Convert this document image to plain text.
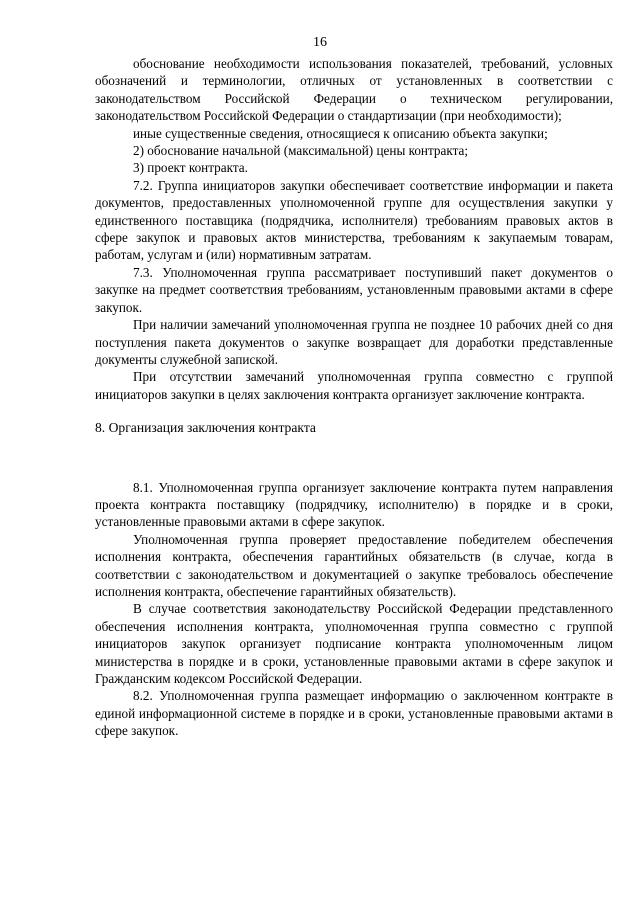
16

обоснование необходимости использования показателей, требований, условных обозначений и терминологии, отличных от установленных в соответствии с законодательством Российской Федерации о техническом регулировании, законодательством Российской Федерации о стандартизации (при необходимости);

иные существенные сведения, относящиеся к описанию объекта закупки;

2) обоснование начальной (максимальной) цены контракта;

3) проект контракта.

7.2. Группа инициаторов закупки обеспечивает соответствие информации и пакета документов, предоставленных уполномоченной группе для осуществления закупки у единственного поставщика (подрядчика, исполнителя) требованиям правовых актов в сфере закупок и правовых актов министерства, требованиям к закупаемым товарам, работам, услугам и (или) нормативным затратам.

7.3. Уполномоченная группа рассматривает поступивший пакет документов о закупке на предмет соответствия требованиям, установленным правовыми актами в сфере закупок.

При наличии замечаний уполномоченная группа не позднее 10 рабочих дней со дня поступления пакета документов о закупке возвращает для доработки представленные документы служебной запиской.

При отсутствии замечаний уполномоченная группа совместно с группой инициаторов закупки в целях заключения контракта организует заключение контракта.

8. Организация заключения контракта

8.1. Уполномоченная группа организует заключение контракта путем направления проекта контракта поставщику (подрядчику, исполнителю) в порядке и в сроки, установленные правовыми актами в сфере закупок.

Уполномоченная группа проверяет предоставление победителем обеспечения исполнения контракта, обеспечения гарантийных обязательств (в случае, когда в соответствии с законодательством и документацией о закупке требовалось обеспечение исполнения контракта, обеспечение гарантийных обязательств).

В случае соответствия законодательству Российской Федерации представленного обеспечения исполнения контракта, уполномоченная группа совместно с группой инициаторов закупок организует подписание контракта уполномоченным лицом министерства в порядке и в сроки, установленные правовыми актами в сфере закупок и Гражданским кодексом Российской Федерации.

8.2. Уполномоченная группа размещает информацию о заключенном контракте в единой информационной системе в порядке и в сроки, установленные правовыми актами в сфере закупок.
